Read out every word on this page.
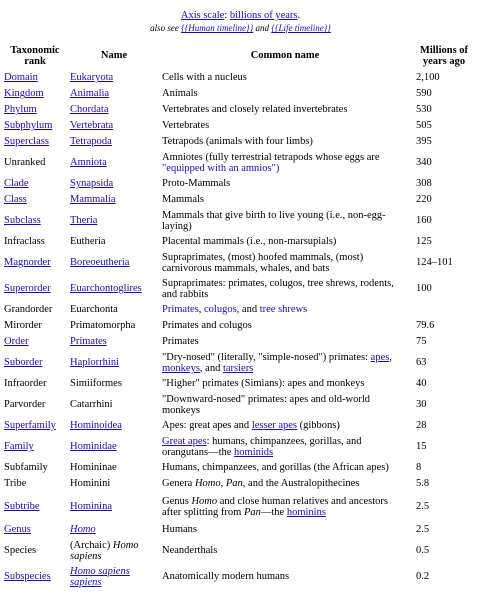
Axis scale: billions of years.
also see {{Human timeline}} and {{Life timeline}}
Taxonomic rank	Name	Common name	Millions of years ago
Domain	Eukaryota	Cells with a nucleus	2,100
Kingdom	Animalia	Animals	590
Phylum	Chordata	Vertebrates and closely related invertebrates	530
Subphylum	Vertebrata	Vertebrates	505
Superclass	Tetrapoda	Tetrapods (animals with four limbs)	395
Unranked	Amniota	Amniotes (fully terrestrial tetrapods whose eggs are "equipped with an amnios")	340
Clade	Synapsida	Proto-Mammals	308
Class	Mammalia	Mammals	220
Subclass	Theria	Mammals that give birth to live young (i.e., non-egg-laying)	160
Infraclass	Eutheria	Placental mammals (i.e., non-marsupials)	125
Magnorder	Boreoeutheria	Supraprimates, (most) hoofed mammals, (most) carnivorous mammals, whales, and bats	124–101
Superorder	Euarchontoglires	Supraprimates: primates, colugos, tree shrews, rodents, and rabbits	100
Grandorder	Euarchonta	Primates, colugos, and tree shrews	
Mirorder	Primatomorpha	Primates and colugos	79.6
Order	Primates	Primates	75
Suborder	Haplorrhini	"Dry-nosed" (literally, "simple-nosed") primates: apes, monkeys, and tarsiers	63
Infraorder	Simiiformes	"Higher" primates (Simians): apes and monkeys	40
Parvorder	Catarrhini	"Downward-nosed" primates: apes and old-world monkeys	30
Superfamily	Hominoidea	Apes: great apes and lesser apes (gibbons)	28
Family	Hominidae	Great apes: humans, chimpanzees, gorillas, and orangutans—the hominids	15
Subfamily	Homininae	Humans, chimpanzees, and gorillas (the African apes)	8
Tribe	Hominini	Genera Homo, Pan, and the Australopithecines	5.8
Subtribe	Hominina	Genus Homo and close human relatives and ancestors after splitting from Pan—the hominins	2.5
Genus	Homo	Humans	2.5
Species	(Archaic) Homo sapiens	Neanderthals	0.5
Subspecies	Homo sapiens sapiens	Anatomically modern humans	0.2
